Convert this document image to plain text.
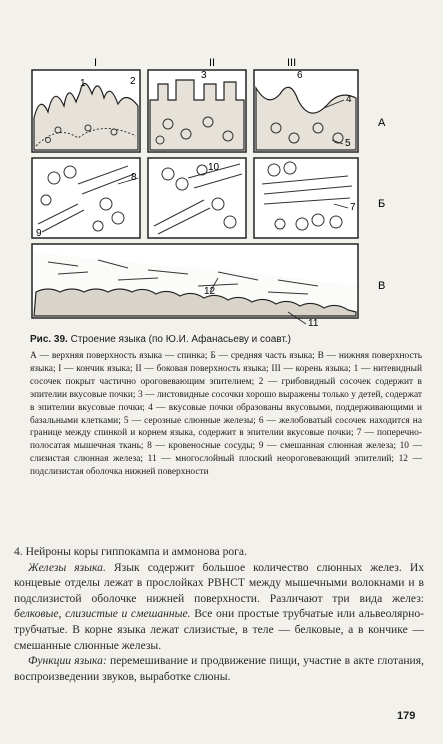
I	II	III
А
Б
В
1	2
3
4
5
6
7
8
9
10
11
12
Рис. 39. Строение языка (по Ю.И. Афанасьеву и соавт.)

А — верхняя поверхность языка — спинка; Б — средняя часть языка; В — нижняя поверхность языка; I — кончик языка; II — боковая поверхность языка; III — корень языка; 1 — нитевидный сосочек покрыт частично ороговевающим эпителием; 2 — грибовидный сосочек содержит в эпителии вкусовые почки; 3 — листовидные сосочки хорошо выражены только у детей, содержат в эпителии вкусовые почки; 4 — вкусовые почки образованы вкусовыми, поддерживающими и базальными клетками; 5 — серозные слюнные железы; 6 — желобоватый сосочек находится на границе между спинкой и корнем языка, содержит в эпителии вкусовые почки; 7 — поперечно-полосатая мышечная ткань; 8 — кровеносные сосуды; 9 — смешанная слюнная железа; 10 — слизистая слюнная железа; 11 — многослойный плоский неороговевающий эпителий; 12 — подслизистая оболочка нижней поверхности

4. Нейроны коры гиппокампа и аммонова рога.

Железы языка. Язык содержит большое количество слюнных желез. Их концевые отделы лежат в прослойках РВНСТ между мышечными волокнами и в подслизистой оболочке нижней поверхности. Различают три вида желез: белковые, слизистые и смешанные. Все они простые трубчатые или альвеолярно-трубчатые. В корне языка лежат слизистые, в теле — белковые, а в кончике — смешанные слюнные железы.

Функции языка: перемешивание и продвижение пищи, участие в акте глотания, воспроизведении звуков, выработке слюны.

179
